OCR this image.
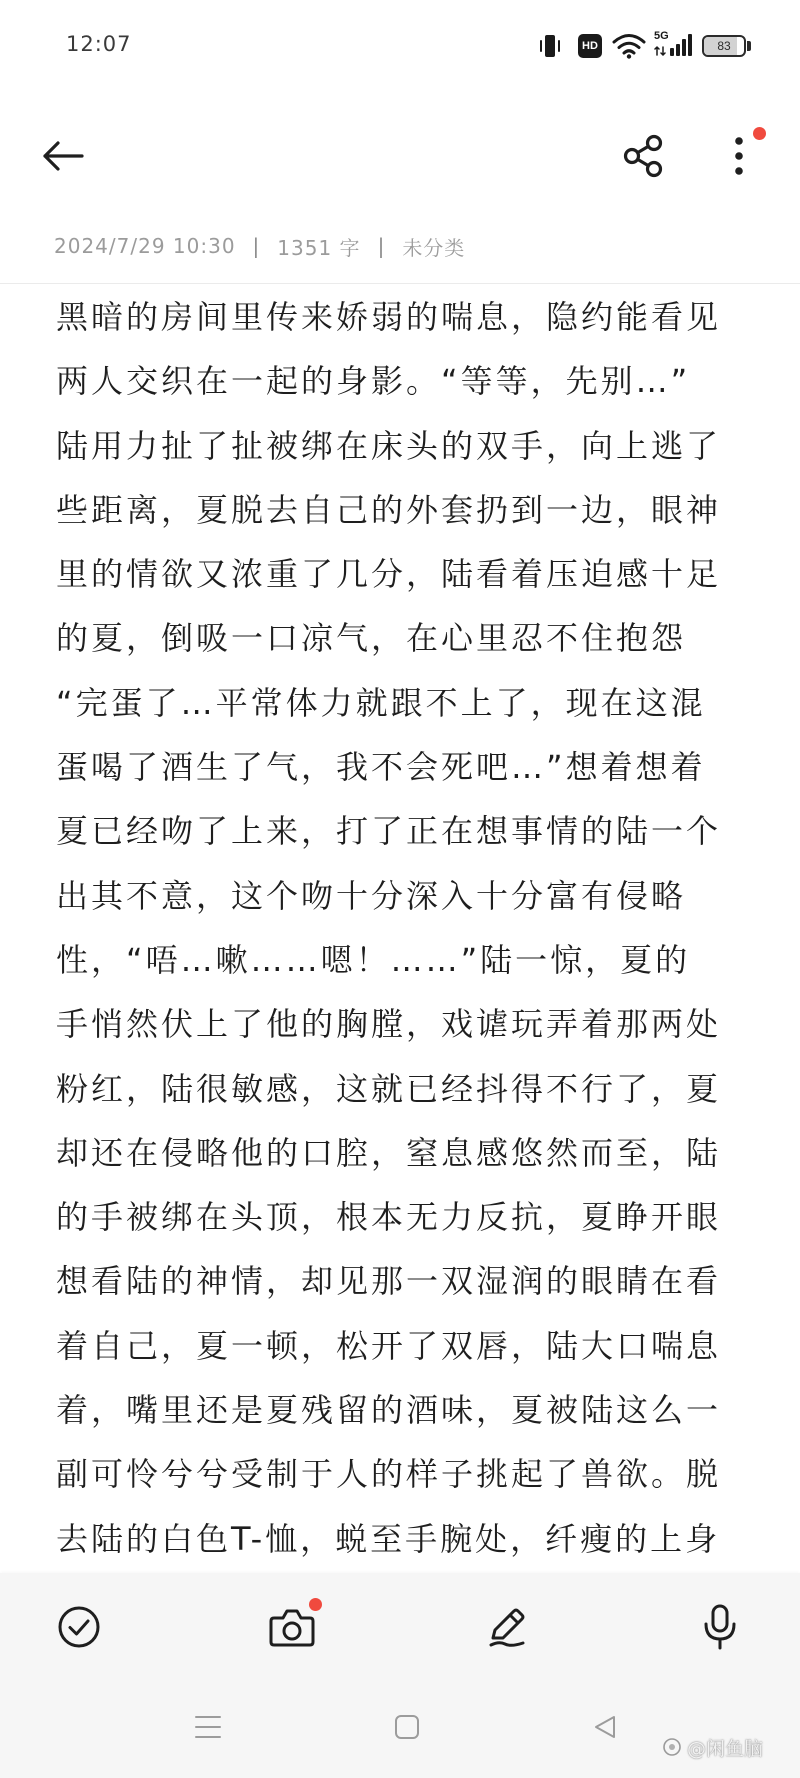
12:07	HD
5G
83
2024/7/29 10:30 | 1351 字 | 未分类
黑暗的房间里传来娇弱的喘息，隐约能看见
两人交织在一起的身影。“等等，先别…”
陆用力扯了扯被绑在床头的双手，向上逃了
些距离，夏脱去自己的外套扔到一边，眼神
里的情欲又浓重了几分，陆看着压迫感十足
的夏，倒吸一口凉气，在心里忍不住抱怨
“完蛋了…平常体力就跟不上了，现在这混
蛋喝了酒生了气，我不会死吧…”想着想着
夏已经吻了上来，打了正在想事情的陆一个
出其不意，这个吻十分深入十分富有侵略
性，“唔…嗽……嗯！……”陆一惊，夏的
手悄然伏上了他的胸膛，戏谑玩弄着那两处
粉红，陆很敏感，这就已经抖得不行了，夏
却还在侵略他的口腔，窒息感悠然而至，陆
的手被绑在头顶，根本无力反抗，夏睁开眼
想看陆的神情，却见那一双湿润的眼睛在看
着自己，夏一顿，松开了双唇，陆大口喘息
着，嘴里还是夏残留的酒味，夏被陆这么一
副可怜兮兮受制于人的样子挑起了兽欲。脱
去陆的白色T-恤，蜕至手腕处，纤瘦的上身
@闲鱼脑
